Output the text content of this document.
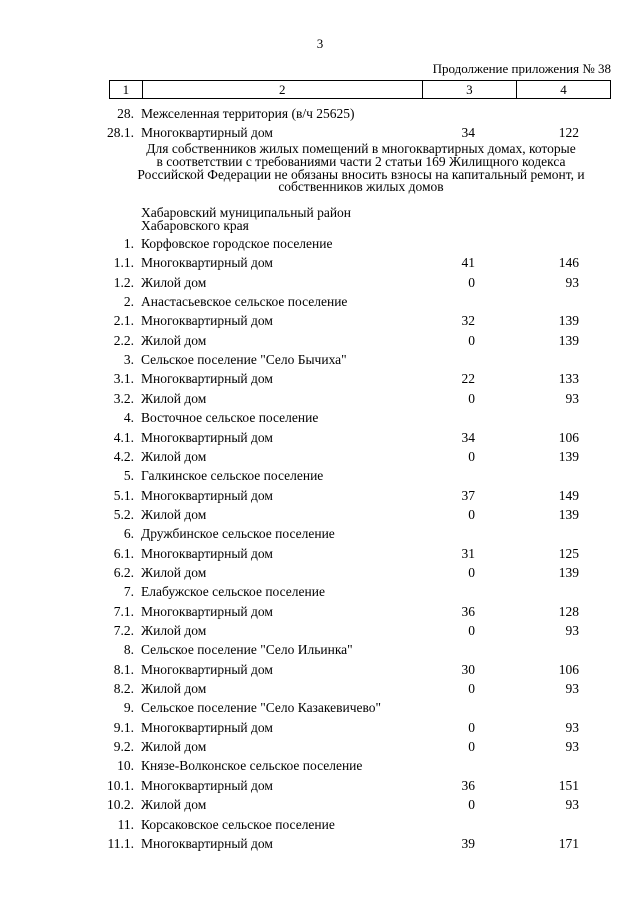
3
Продолжение приложения № 38
1	2	3	4
Для собственников жилых помещений в многоквартирных домах, которые
в соответствии с требованиями части 2 статьи 169 Жилищного кодекса
Российской Федерации не обязаны вносить взносы на капитальный ремонт, и
собственников жилых домов
Хабаровский муниципальный район
Хабаровского края
28. Межселенная территория (в/ч 25625)
28.1. Многоквартирный дом	34	122
1. Корфовское городское поселение
1.1. Многоквартирный дом	41	146
1.2. Жилой дом	0	93
2. Анастасьевское сельское поселение
2.1. Многоквартирный дом	32	139
2.2. Жилой дом	0	139
3. Сельское поселение "Село Бычиха"
3.1. Многоквартирный дом	22	133
3.2. Жилой дом	0	93
4. Восточное сельское поселение
4.1. Многоквартирный дом	34	106
4.2. Жилой дом	0	139
5. Галкинское сельское поселение
5.1. Многоквартирный дом	37	149
5.2. Жилой дом	0	139
6. Дружбинское сельское поселение
6.1. Многоквартирный дом	31	125
6.2. Жилой дом	0	139
7. Елабужское сельское поселение
7.1. Многоквартирный дом	36	128
7.2. Жилой дом	0	93
8. Сельское поселение "Село Ильинка"
8.1. Многоквартирный дом	30	106
8.2. Жилой дом	0	93
9. Сельское поселение "Село Казакевичево"
9.1. Многоквартирный дом	0	93
9.2. Жилой дом	0	93
10. Князе-Волконское сельское поселение
10.1. Многоквартирный дом	36	151
10.2. Жилой дом	0	93
11. Корсаковское сельское поселение
11.1. Многоквартирный дом	39	171
